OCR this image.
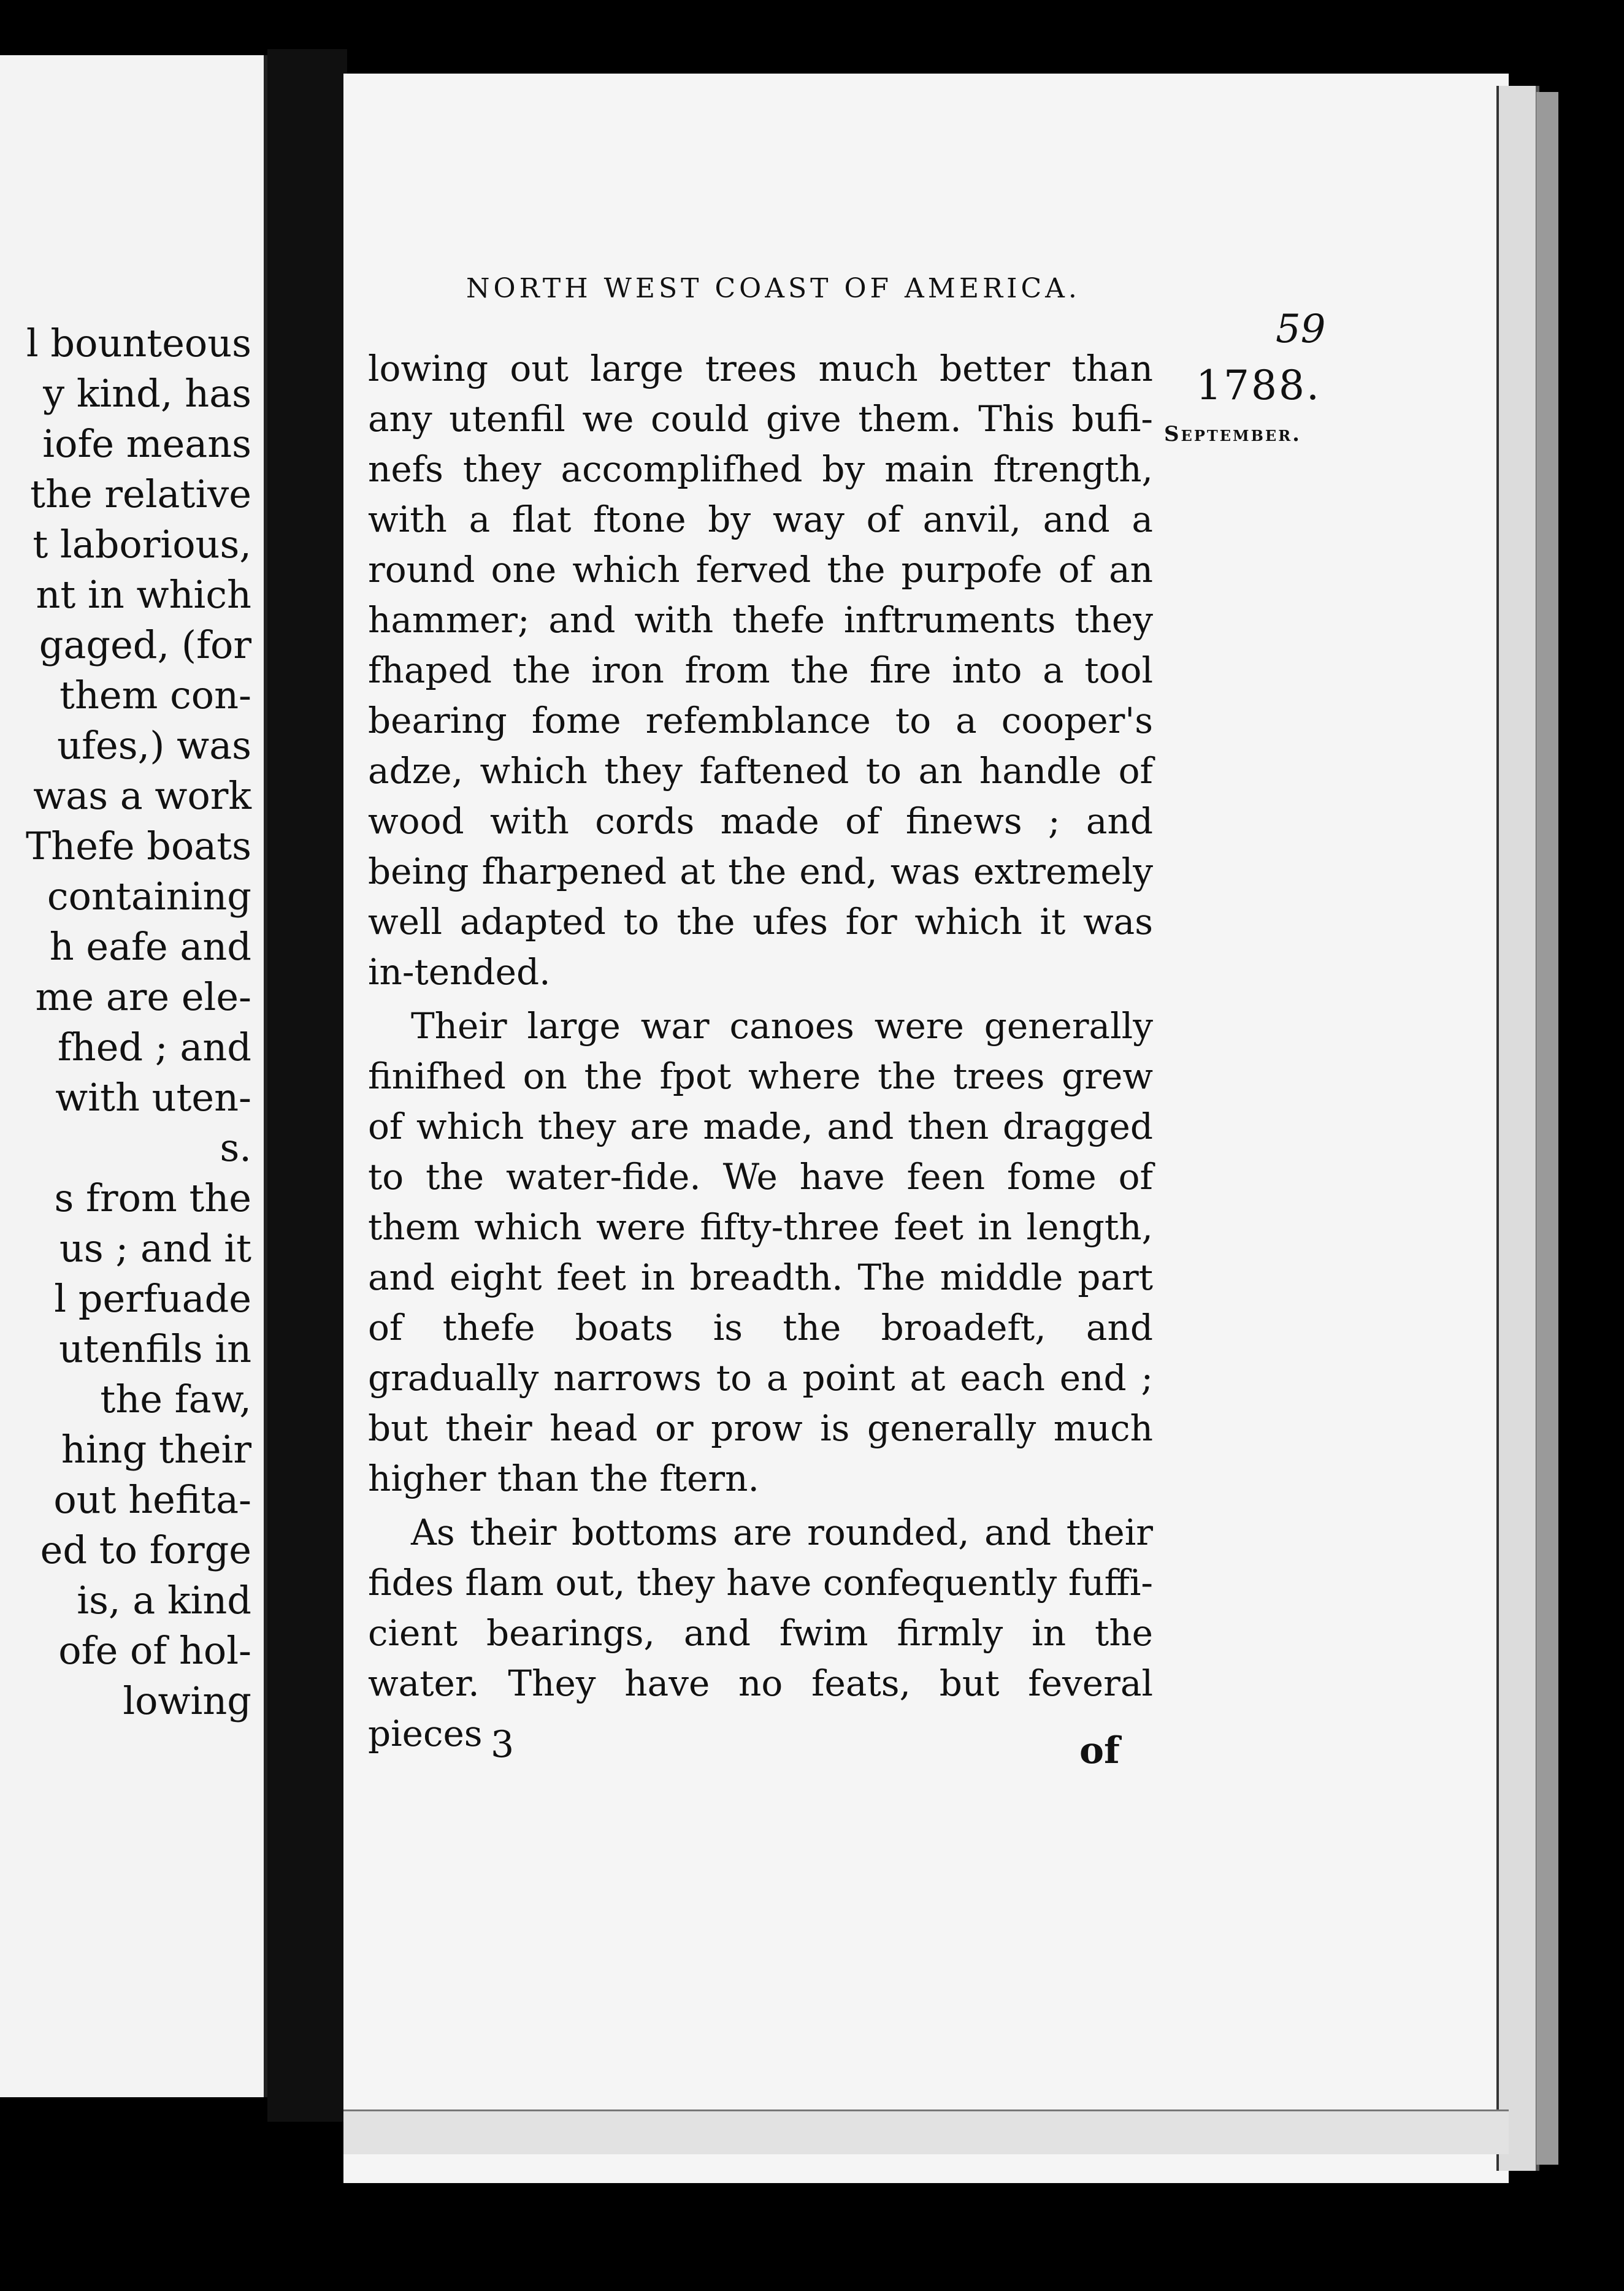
l bounteous
y kind, has
iofe means
the relative
t laborious,
nt in which
gaged, (for
them con-
ufes,) was
was a work
Thefe boats
containing
h eafe and
me are ele-
fhed ; and
with uten-
s.
s from the
us ; and it
l perfuade
utenfils in
the faw,
hing their
out hefita-
ed to forge
is, a kind
ofe of hol-
lowing
NORTH WEST COAST OF AMERICA.
59
1788.
September.

lowing out large trees much better than any utenfil we could give them. This bufi-nefs they accomplifhed by main ftrength, with a flat ftone by way of anvil, and a round one which ferved the purpofe of an hammer; and with thefe inftruments they fhaped the iron from the fire into a tool bearing fome refemblance to a cooper's adze, which they faftened to an handle of wood with cords made of finews ; and being fharpened at the end, was extremely well adapted to the ufes for which it was in-tended.

Their large war canoes were generally finifhed on the fpot where the trees grew of which they are made, and then dragged to the water-fide. We have feen fome of them which were fifty-three feet in length, and eight feet in breadth. The middle part of thefe boats is the broadeft, and gradually narrows to a point at each end ; but their head or prow is generally much higher than the ftern.

As their bottoms are rounded, and their fides flam out, they have confequently fuffi-cient bearings, and fwim firmly in the water. They have no feats, but feveral pieces 3	of
